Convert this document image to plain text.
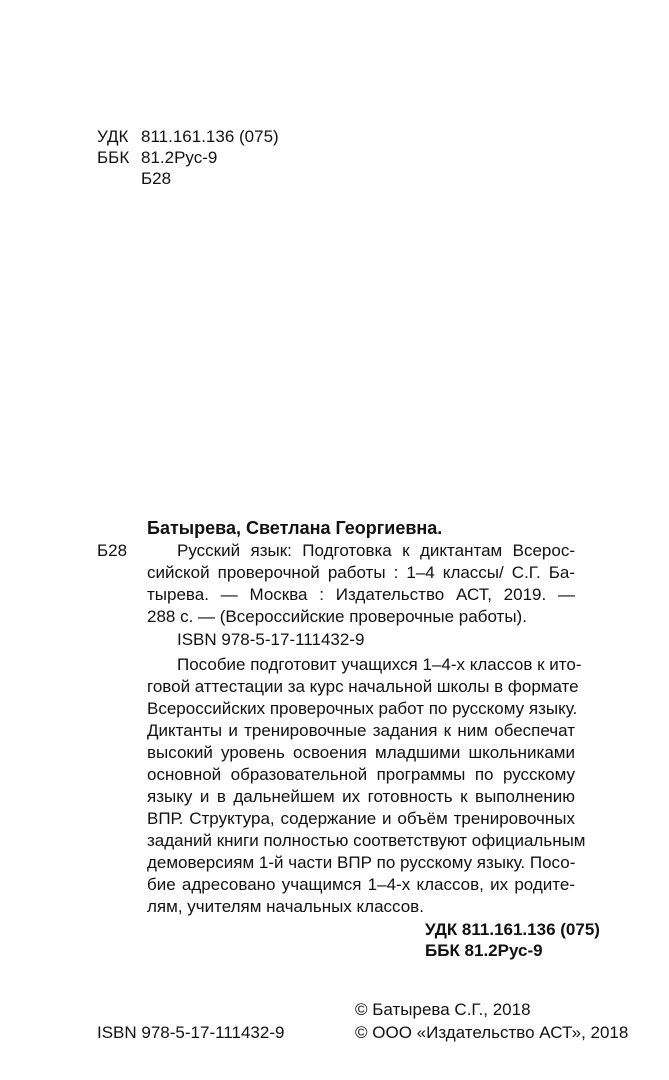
УДК 811.161.136 (075)
ББК 81.2Рус-9
Б28
Батырева, Светлана Георгиевна.
Б28	Русский язык: Подготовка к диктантам Всерос-
сийской проверочной работы : 1–4 классы/ С.Г. Ба-
тырева. — Москва : Издательство АСТ, 2019. —
288 с. — (Всероссийские проверочные работы).
ISBN 978-5-17-111432-9
Пособие подготовит учащихся 1–4-х классов к ито-
говой аттестации за курс начальной школы в формате
Всероссийских проверочных работ по русскому языку.
Диктанты и тренировочные задания к ним обеспечат
высокий уровень освоения младшими школьниками
основной образовательной программы по русскому
языку и в дальнейшем их готовность к выполнению
ВПР. Структура, содержание и объём тренировочных
заданий книги полностью соответствуют официальным
демоверсиям 1-й части ВПР по русскому языку. Посо-
бие адресовано учащимся 1–4-х классов, их родите-
лям, учителям начальных классов.
УДК 811.161.136 (075)
ББК 81.2Рус-9
© Батырева С.Г., 2018
ISBN 978-5-17-111432-9	© ООО «Издательство АСТ», 2018
